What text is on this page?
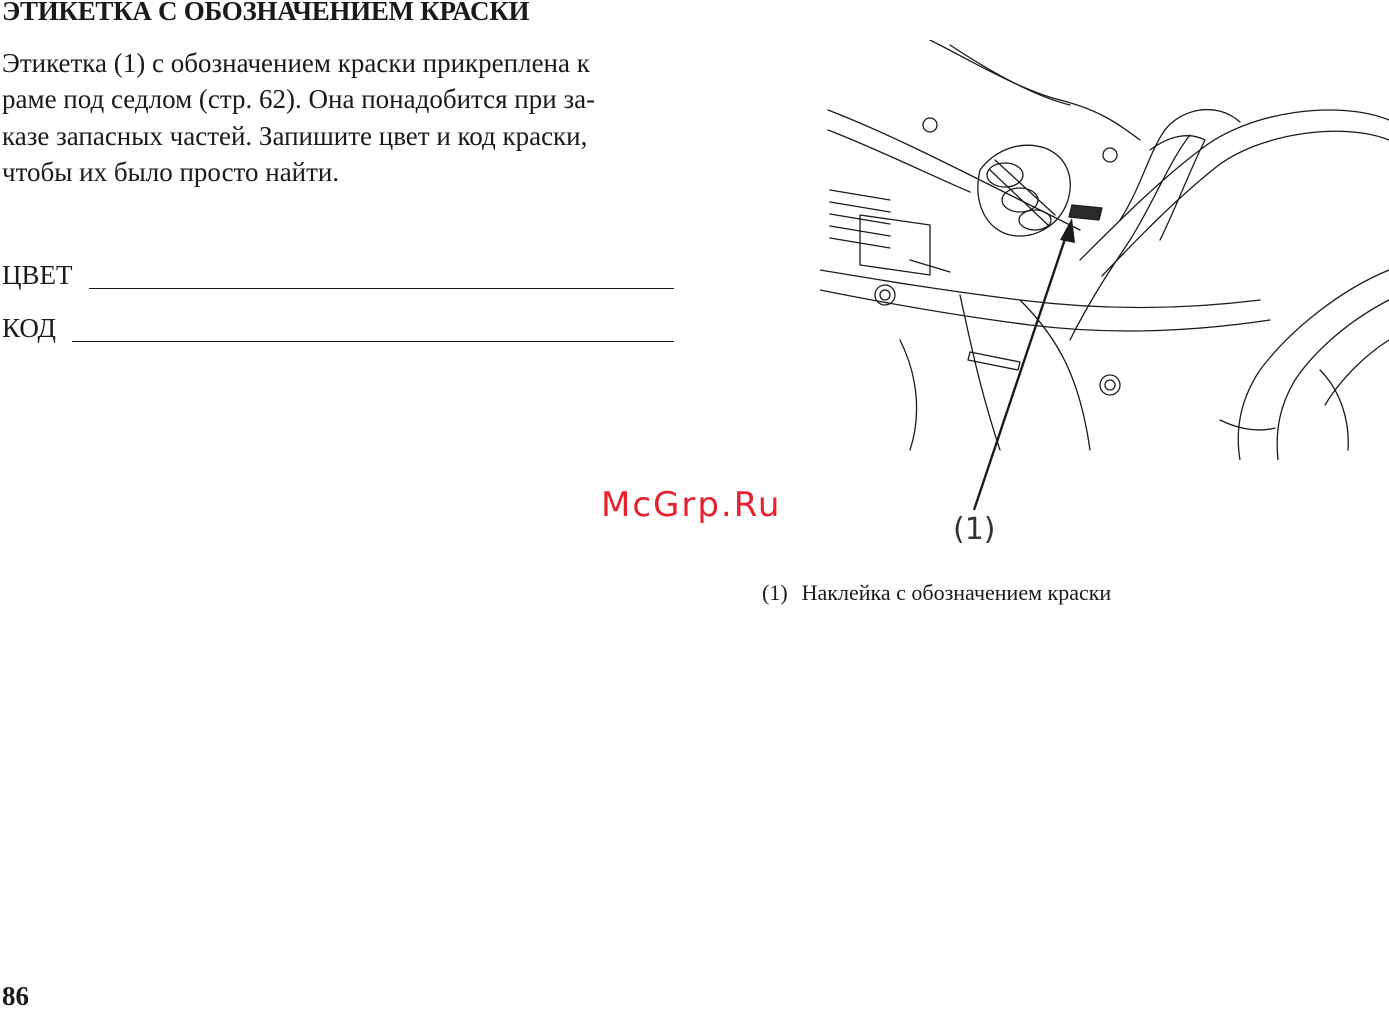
ЭТИКЕТКА С ОБОЗНАЧЕНИЕМ КРАСКИ

Этикетка (1) с обозначением краски прикреплена к
раме под седлом (стр. 62). Она понадобится при за-
казе запасных частей. Запишите цвет и код краски,
чтобы их было просто найти.

ЦВЕТ
КОД
(1)
McGrp.Ru
(1) Наклейка с обозначением краски
86
